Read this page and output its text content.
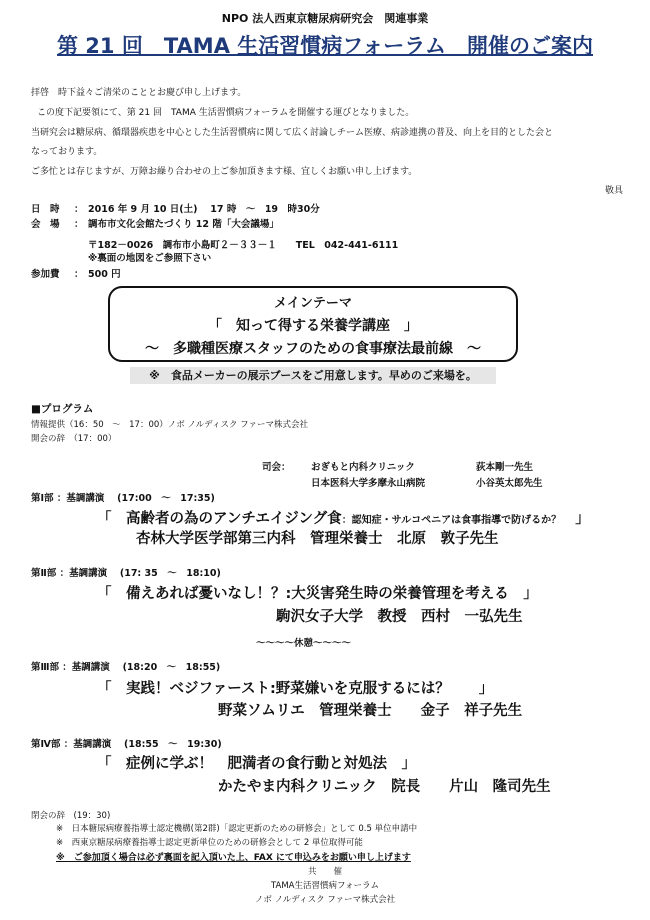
NPO 法人西東京糖尿病研究会　関連事業
第 21 回　TAMA 生活習慣病フォーラム　開催のご案内
拝啓　時下益々ご清栄のこととお慶び申し上げます。
この度下記要領にて、第 21 回　TAMA 生活習慣病フォーラムを開催する運びとなりました。
当研究会は糖尿病、循環器疾患を中心とした生活習慣病に関して広く討論しチーム医療、病診連携の普及、向上を目的とした会と
なっております。
ご多忙とは存じますが、万障お繰り合わせの上ご参加頂きます様、宜しくお願い申し上げます。
敬具
日　時 ： 2016 年 9 月 10 日(土)　 17 時　～　19　時30分
会　場 ： 調布市文化会館たづくり 12 階「大会議場」
〒182－0026　調布市小島町２－３３－１　　TEL　042-441-6111
※裏面の地図をご参照下さい
参加費 ： 500 円
メインテーマ
「　知って得する栄養学講座　」
～　多職種医療スタッフのための食事療法最前線　～
※　食品メーカーの展示ブースをご用意します。早めのご来場を。
■プログラム
情報提供（16：50　～　17：00）ノボ ノルディスク ファーマ株式会社
開会の辞　（17：00）
司会： おぎもと内科クリニック	荻本剛一先生
日本医科大学多摩永山病院	小谷英太郎先生
第Ⅰ部 ：基調講演　 (17:00　～　17:35)
「　高齢者の為のアンチエイジング食：認知症・サルコペニアは食事指導で防げるか？ 」
杏林大学医学部第三内科　管理栄養士　北原　敦子先生
第Ⅱ部 ：基調講演　 (17: 35　～　18:10)
「　備えあれば憂いなし！？:大災害発生時の栄養管理を考える　」
駒沢女子大学　教授　西村　一弘先生
～～～～休憩～～～～
第Ⅲ部 ：基調講演　 (18:20　～　18:55)
「　実践！ベジファースト:野菜嫌いを克服するには？　　」
野菜ソムリエ　管理栄養士　　金子　祥子先生
第Ⅳ部 ：基調講演　 (18:55　～　19:30)
「　症例に学ぶ！　肥満者の食行動と対処法　」
かたやま内科クリニック　院長　　片山　隆司先生
閉会の辞　(19：30)
※　日本糖尿病療養指導士認定機構(第2群)「認定更新のための研修会」として 0.5 単位申請中
※　西東京糖尿病療養指導士認定更新単位のための研修会として 2 単位取得可能
※　ご参加頂く場合は必ず裏面を記入頂いた上、FAX にて申込みをお願い申し上げます
共　　催
TAMA生活習慣病フォーラム
ノボ ノルディスク ファーマ株式会社
